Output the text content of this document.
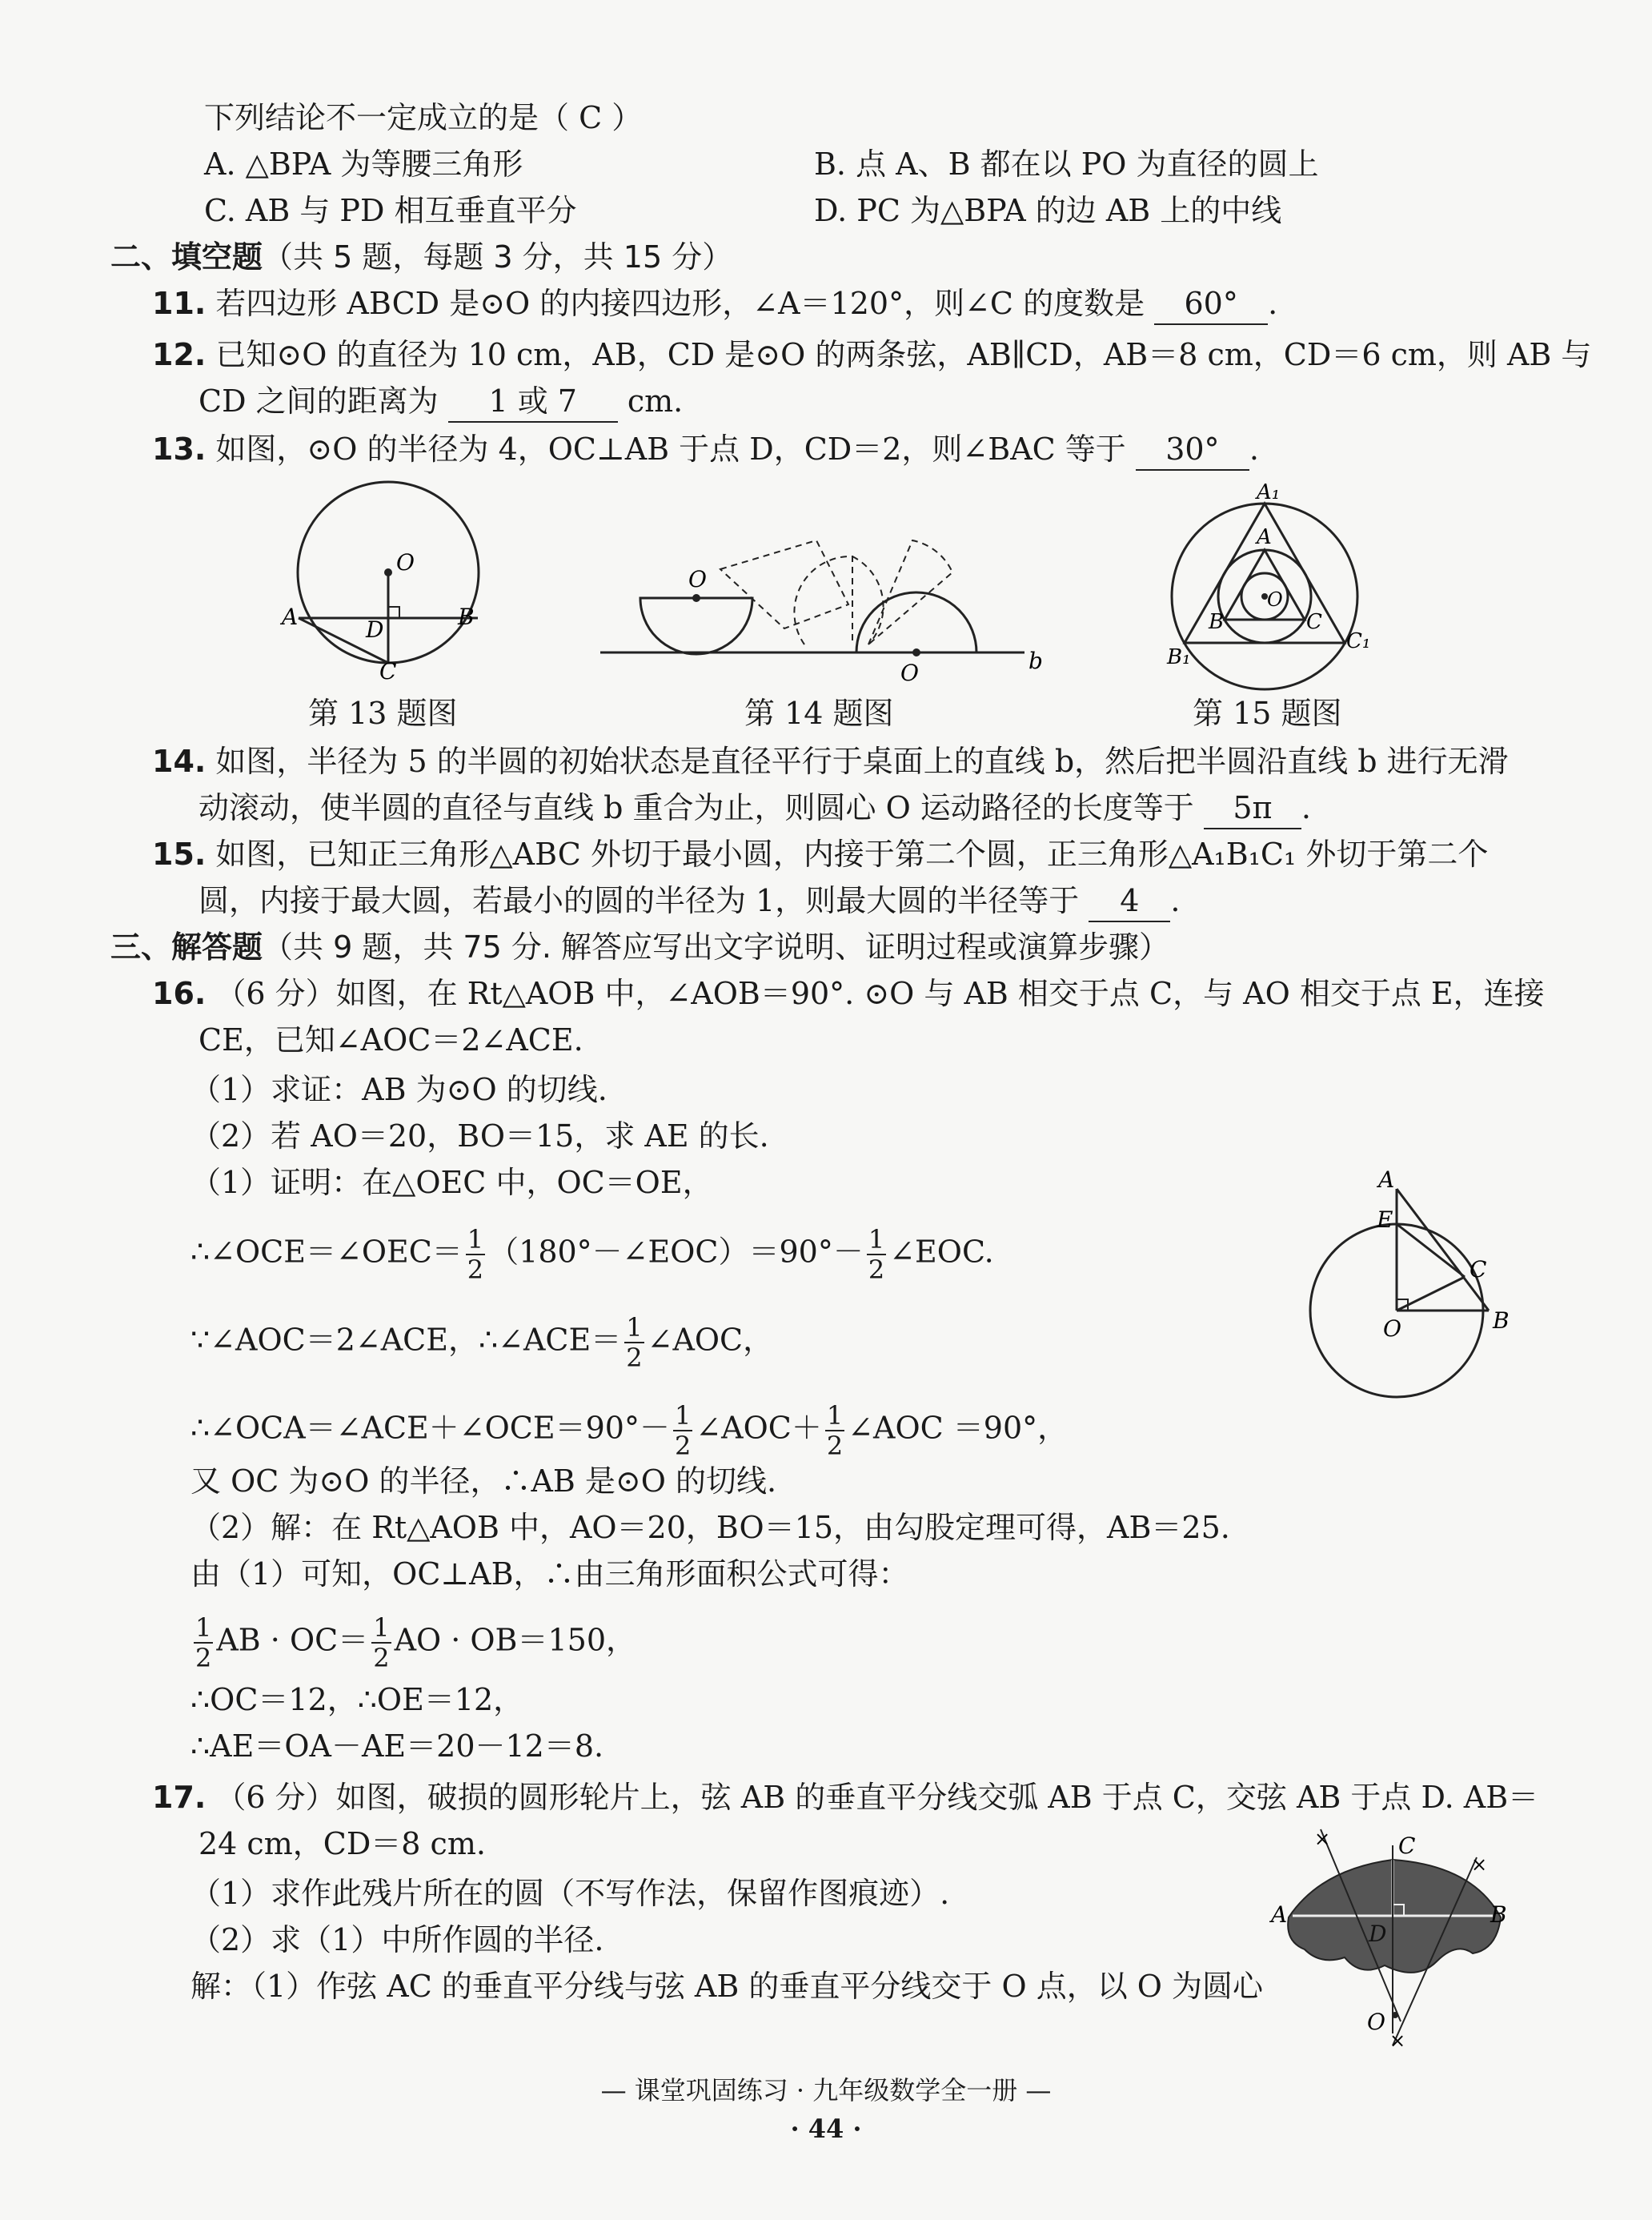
下列结论不一定成立的是（ C ）
A. △BPA 为等腰三角形	B. 点 A、B 都在以 PO 为直径的圆上
C. AB 与 PD 相互垂直平分	D. PC 为△BPA 的边 AB 上的中线
二、填空题（共 5 题，每题 3 分，共 15 分）
11. 若四边形 ABCD 是⊙O 的内接四边形，∠A＝120°，则∠C 的度数是 60° .
12. 已知⊙O 的直径为 10 cm，AB，CD 是⊙O 的两条弦，AB∥CD，AB＝8 cm，CD＝6 cm，则 AB 与
CD 之间的距离为 1 或 7 cm.
13. 如图，⊙O 的半径为 4，OC⊥AB 于点 D，CD＝2，则∠BAC 等于 30° .
O
A	B
D
C
O
O	b
A₁
A
O
B	C
B₁
C₁
第 13 题图	第 14 题图	第 15 题图
14. 如图，半径为 5 的半圆的初始状态是直径平行于桌面上的直线 b，然后把半圆沿直线 b 进行无滑
动滚动，使半圆的直径与直线 b 重合为止，则圆心 O 运动路径的长度等于 5π .
15. 如图，已知正三角形△ABC 外切于最小圆，内接于第二个圆，正三角形△A₁B₁C₁ 外切于第二个
圆，内接于最大圆，若最小的圆的半径为 1，则最大圆的半径等于 4 .
三、解答题（共 9 题，共 75 分. 解答应写出文字说明、证明过程或演算步骤）
16. （6 分）如图，在 Rt△AOB 中，∠AOB＝90°. ⊙O 与 AB 相交于点 C，与 AO 相交于点 E，连接
CE，已知∠AOC＝2∠ACE.
（1）求证：AB 为⊙O 的切线.
（2）若 AO＝20，BO＝15，求 AE 的长.
（1）证明：在△OEC 中，OC＝OE，
∴∠OCE＝∠OEC＝ $\frac{1}{2}$ （180°－∠EOC）＝90°－ $\frac{1}{2}$ ∠EOC.
∵∠AOC＝2∠ACE，∴∠ACE＝ $\frac{1}{2}$ ∠AOC，
∴∠OCA＝∠ACE＋∠OCE＝90°－ $\frac{1}{2}$ ∠AOC＋ $\frac{1}{2}$ ∠AOC ＝90°，
又 OC 为⊙O 的半径，∴AB 是⊙O 的切线.
（2）解：在 Rt△AOB 中，AO＝20，BO＝15，由勾股定理可得，AB＝25.
由（1）可知，OC⊥AB，∴由三角形面积公式可得：
$\frac{1}{2}$ AB · $OC= \frac{1}{2}$ AO · OB＝150，
∴OC＝12，∴OE＝12，
∴AE＝OA－AE＝20－12＝8.
A
E
C
O	B
17. （6 分）如图，破损的圆形轮片上，弦 AB 的垂直平分线交弧 AB 于点 C，交弦 AB 于点 D. AB＝
24 cm，CD＝8 cm.
（1）求作此残片所在的圆（不写作法，保留作图痕迹）.
（2）求（1）中所作圆的半径.
解：（1）作弦 AC 的垂直平分线与弦 AB 的垂直平分线交于 O 点，以 O 为圆心
×
×
×
C
A	B
D
O
— 课堂巩固练习 · 九年级数学全一册 —
· 44 ·
